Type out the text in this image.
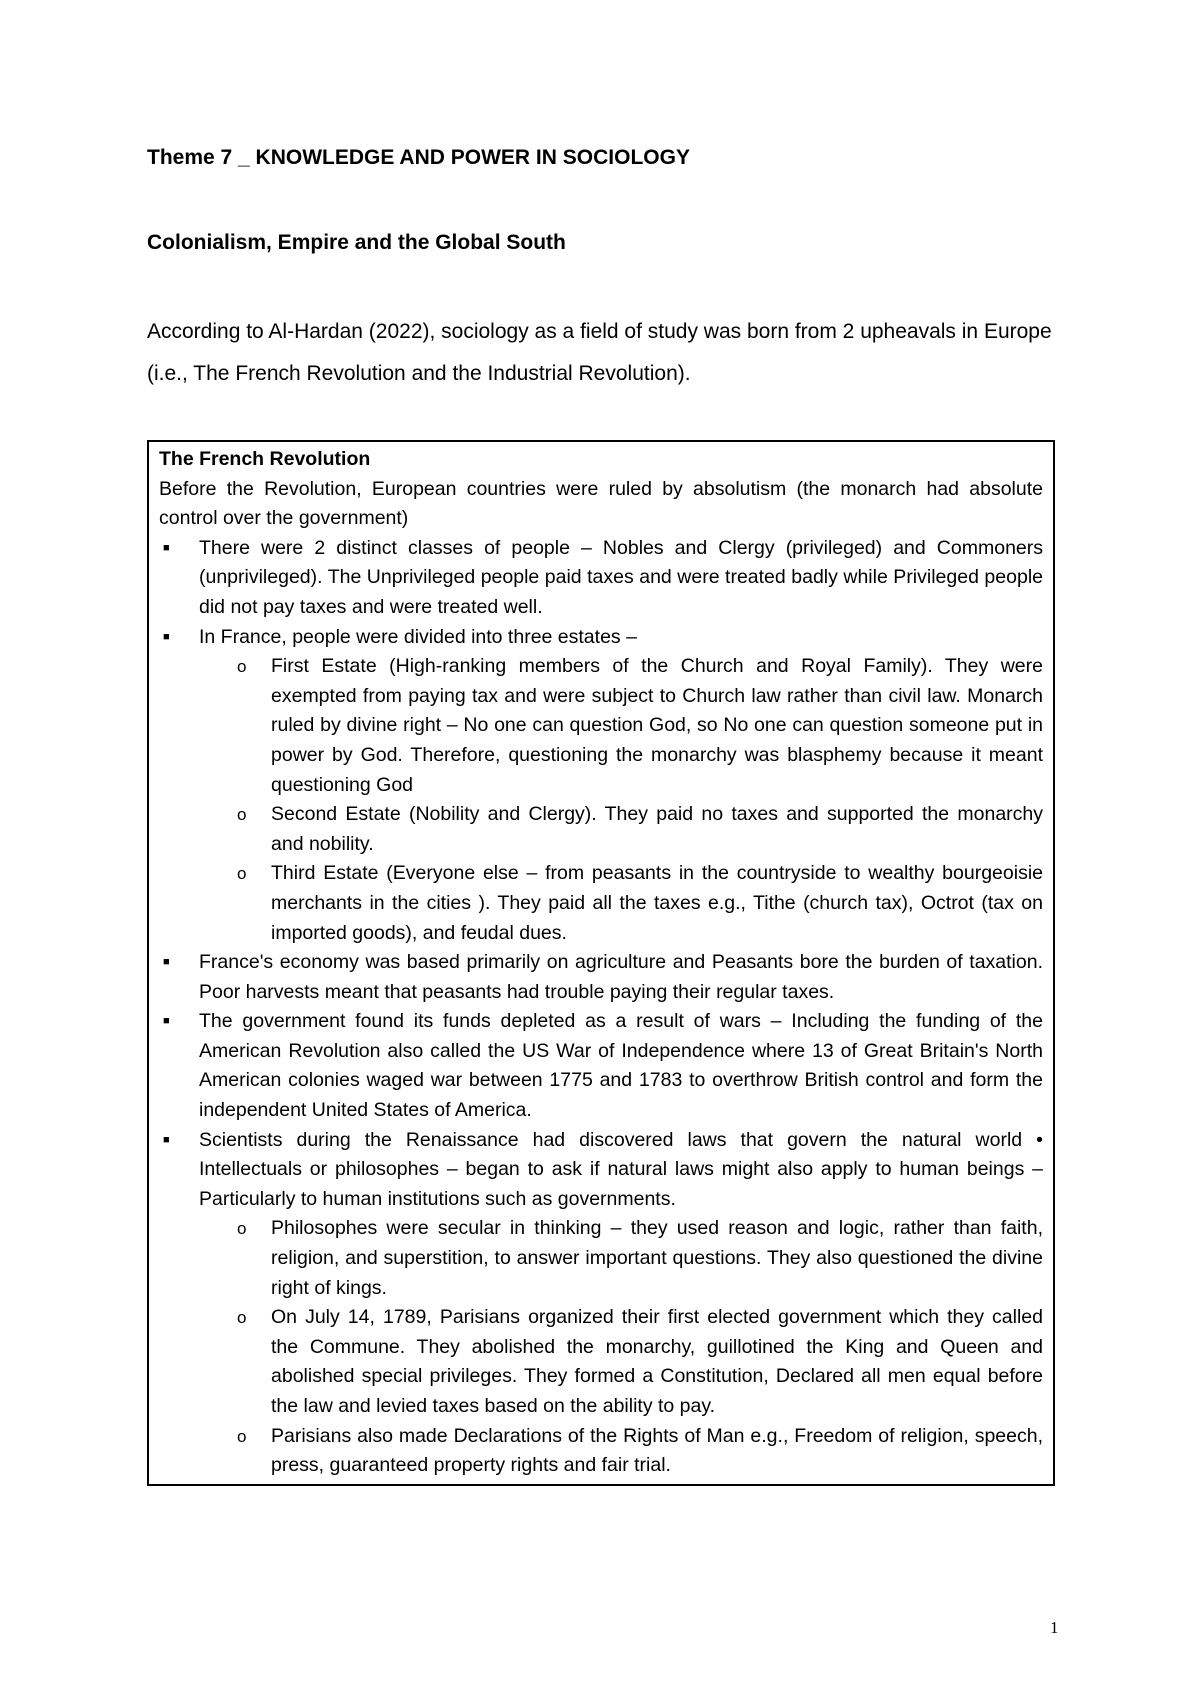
Theme 7 _ KNOWLEDGE AND POWER IN SOCIOLOGY
Colonialism, Empire and the Global South

According to Al-Hardan (2022), sociology as a field of study was born from 2 upheavals in Europe (i.e., The French Revolution and the Industrial Revolution).

The French Revolution

Before the Revolution, European countries were ruled by absolutism (the monarch had absolute control over the government)

■ There were 2 distinct classes of people – Nobles and Clergy (privileged) and Commoners (unprivileged). The Unprivileged people paid taxes and were treated badly while Privileged people did not pay taxes and were treated well.
■ In France, people were divided into three estates –
o First Estate (High-ranking members of the Church and Royal Family). They were exempted from paying tax and were subject to Church law rather than civil law. Monarch ruled by divine right – No one can question God, so No one can question someone put in power by God. Therefore, questioning the monarchy was blasphemy because it meant questioning God
o Second Estate (Nobility and Clergy). They paid no taxes and supported the monarchy and nobility.
o Third Estate (Everyone else – from peasants in the countryside to wealthy bourgeoisie merchants in the cities ). They paid all the taxes e.g., Tithe (church tax), Octrot (tax on imported goods), and feudal dues.
■ France's economy was based primarily on agriculture and Peasants bore the burden of taxation. Poor harvests meant that peasants had trouble paying their regular taxes.
■ The government found its funds depleted as a result of wars – Including the funding of the American Revolution also called the US War of Independence where 13 of Great Britain's North American colonies waged war between 1775 and 1783 to overthrow British control and form the independent United States of America.
■ Scientists during the Renaissance had discovered laws that govern the natural world • Intellectuals or philosophes – began to ask if natural laws might also apply to human beings – Particularly to human institutions such as governments.
o Philosophes were secular in thinking – they used reason and logic, rather than faith, religion, and superstition, to answer important questions. They also questioned the divine right of kings.
o On July 14, 1789, Parisians organized their first elected government which they called the Commune. They abolished the monarchy, guillotined the King and Queen and abolished special privileges. They formed a Constitution, Declared all men equal before the law and levied taxes based on the ability to pay.
o Parisians also made Declarations of the Rights of Man e.g., Freedom of religion, speech, press, guaranteed property rights and fair trial.
1
